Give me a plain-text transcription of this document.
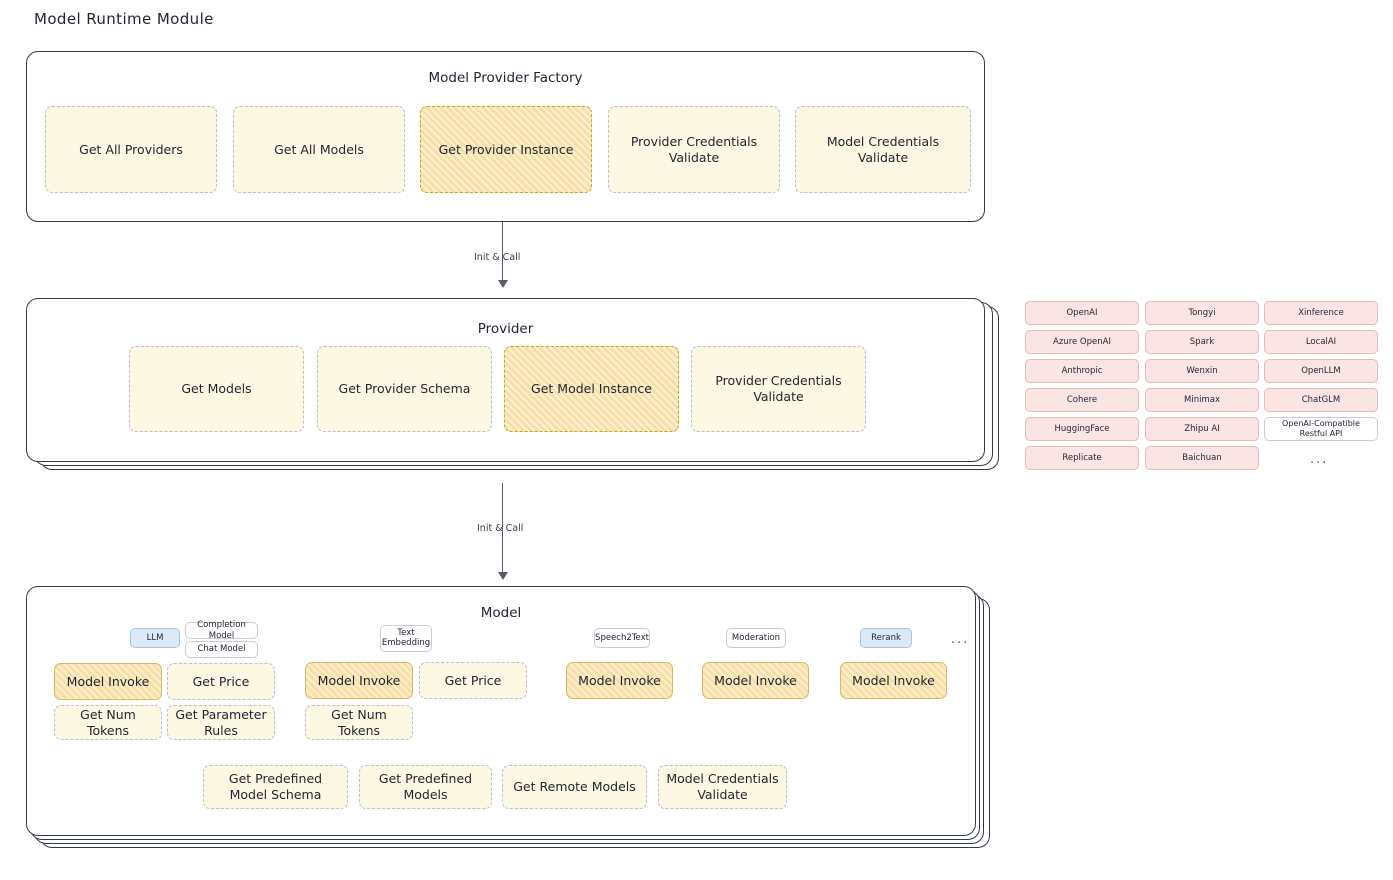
Model Runtime Module
Model Provider Factory
Get All Providers	Get All Models	Get Provider Instance
Provider Credentials Validate
Model Credentials Validate
Init & Call
Provider
Get Models	Get Provider Schema	Get Model Instance
Provider Credentials Validate
OpenAI
Azure OpenAI
Anthropic
Cohere
HuggingFace
Replicate
Tongyi
Spark
Wenxin
Minimax
Zhipu AI
Baichuan
Xinference
LocalAI
OpenLLM
ChatGLM
OpenAI-Compatible Restful API
...
Init & Call
Model
LLM
Completion Model
Chat Model
Text Embedding	Speech2Text	Moderation	Rerank	...
Model Invoke	Get Price
Get Num Tokens
Get Parameter Rules
Model Invoke	Get Price
Get Num Tokens
Model Invoke	Model Invoke	Model Invoke
Get Predefined Model Schema
Get Predefined Models
Get Remote Models
Model Credentials Validate
